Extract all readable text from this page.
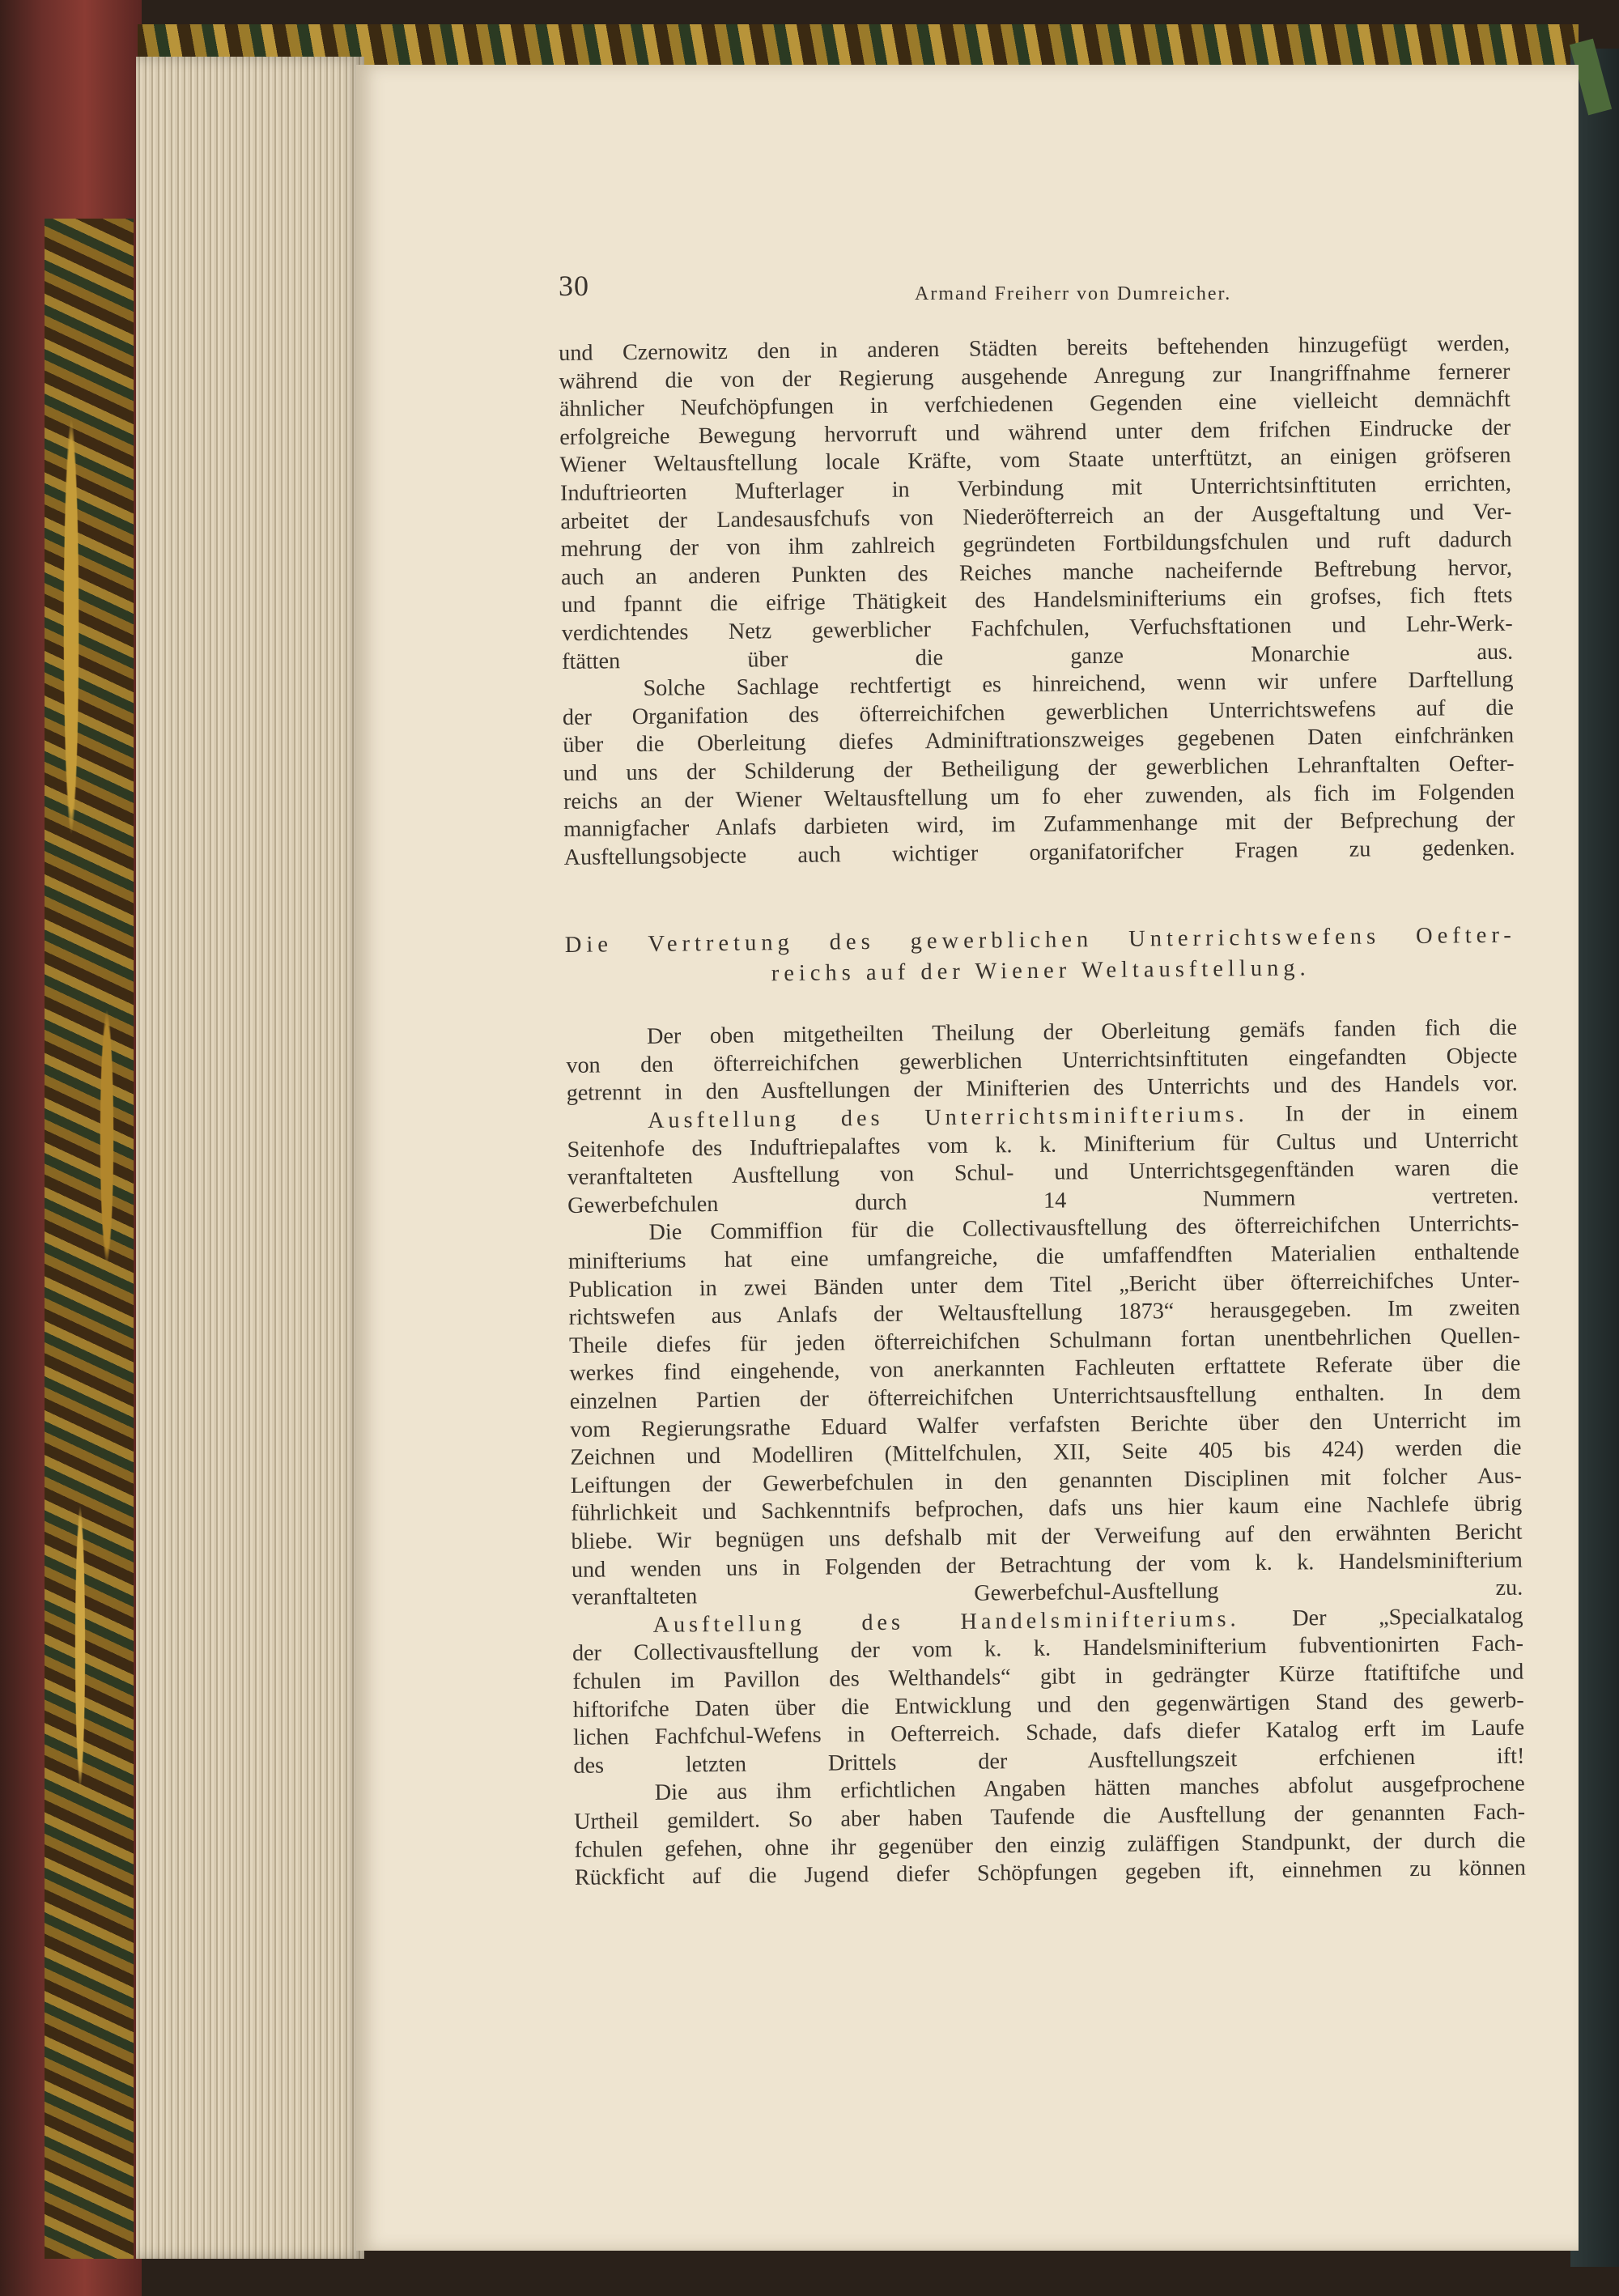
30	Armand Freiherr von Dumreicher.

und Czernowitz den in anderen Städten bereits beftehenden hinzugefügt werden,
während die von der Regierung ausgehende Anregung zur Inangriffnahme fernerer
ähnlicher Neufchöpfungen in verfchiedenen Gegenden eine vielleicht demnächft
erfolgreiche Bewegung hervorruft und während unter dem frifchen Eindrucke der
Wiener Weltausftellung locale Kräfte, vom Staate unterftützt, an einigen gröfseren
Induftrieorten Mufterlager in Verbindung mit Unterrichtsinftituten errichten,
arbeitet der Landesausfchufs von Niederöfterreich an der Ausgeftaltung und Ver-
mehrung der von ihm zahlreich gegründeten Fortbildungsfchulen und ruft dadurch
auch an anderen Punkten des Reiches manche nacheifernde Beftrebung hervor,
und fpannt die eifrige Thätigkeit des Handelsminifteriums ein grofses, fich ftets
verdichtendes Netz gewerblicher Fachfchulen, Verfuchsftationen und Lehr-Werk-
ftätten über die ganze Monarchie aus.

Solche Sachlage rechtfertigt es hinreichend, wenn wir unfere Darftellung
der Organifation des öfterreichifchen gewerblichen Unterrichtswefens auf die
über die Oberleitung diefes Adminiftrationszweiges gegebenen Daten einfchränken
und uns der Schilderung der Betheiligung der gewerblichen Lehranftalten Oefter-
reichs an der Wiener Weltausftellung um fo eher zuwenden, als fich im Folgenden
mannigfacher Anlafs darbieten wird, im Zufammenhange mit der Befprechung der
Ausftellungsobjecte auch wichtiger organifatorifcher Fragen zu gedenken.

Die Vertretung des gewerblichen Unterrichtswefens Oefter-
reichs auf der Wiener Weltausftellung.

Der oben mitgetheilten Theilung der Oberleitung gemäfs fanden fich die
von den öfterreichifchen gewerblichen Unterrichtsinftituten eingefandten Objecte
getrennt in den Ausftellungen der Minifterien des Unterrichts und des Handels vor.

Ausftellung des Unterrichtsminifteriums. In der in einem
Seitenhofe des Induftriepalaftes vom k. k. Minifterium für Cultus und Unterricht
veranftalteten Ausftellung von Schul- und Unterrichtsgegenftänden waren die
Gewerbefchulen durch 14 Nummern vertreten.

Die Commiffion für die Collectivausftellung des öfterreichifchen Unterrichts-
minifteriums hat eine umfangreiche, die umfaffendften Materialien enthaltende
Publication in zwei Bänden unter dem Titel „Bericht über öfterreichifches Unter-
richtswefen aus Anlafs der Weltausftellung 1873“ herausgegeben. Im zweiten
Theile diefes für jeden öfterreichifchen Schulmann fortan unentbehrlichen Quellen-
werkes find eingehende, von anerkannten Fachleuten erftattete Referate über die
einzelnen Partien der öfterreichifchen Unterrichtsausftellung enthalten. In dem
vom Regierungsrathe Eduard Walfer verfafsten Berichte über den Unterricht im
Zeichnen und Modelliren (Mittelfchulen, XII, Seite 405 bis 424) werden die
Leiftungen der Gewerbefchulen in den genannten Disciplinen mit folcher Aus-
führlichkeit und Sachkenntnifs befprochen, dafs uns hier kaum eine Nachlefe übrig
bliebe. Wir begnügen uns defshalb mit der Verweifung auf den erwähnten Bericht
und wenden uns in Folgenden der Betrachtung der vom k. k. Handelsminifterium
veranftalteten Gewerbefchul-Ausftellung zu.

Ausftellung des Handelsminifteriums. Der „Specialkatalog
der Collectivausftellung der vom k. k. Handelsminifterium fubventionirten Fach-
fchulen im Pavillon des Welthandels“ gibt in gedrängter Kürze ftatiftifche und
hiftorifche Daten über die Entwicklung und den gegenwärtigen Stand des gewerb-
lichen Fachfchul-Wefens in Oefterreich. Schade, dafs diefer Katalog erft im Laufe
des letzten Drittels der Ausftellungszeit erfchienen ift!

Die aus ihm erfichtlichen Angaben hätten manches abfolut ausgefprochene
Urtheil gemildert. So aber haben Taufende die Ausftellung der genannten Fach-
fchulen gefehen, ohne ihr gegenüber den einzig zuläffigen Standpunkt, der durch die
Rückficht auf die Jugend diefer Schöpfungen gegeben ift, einnehmen zu können
